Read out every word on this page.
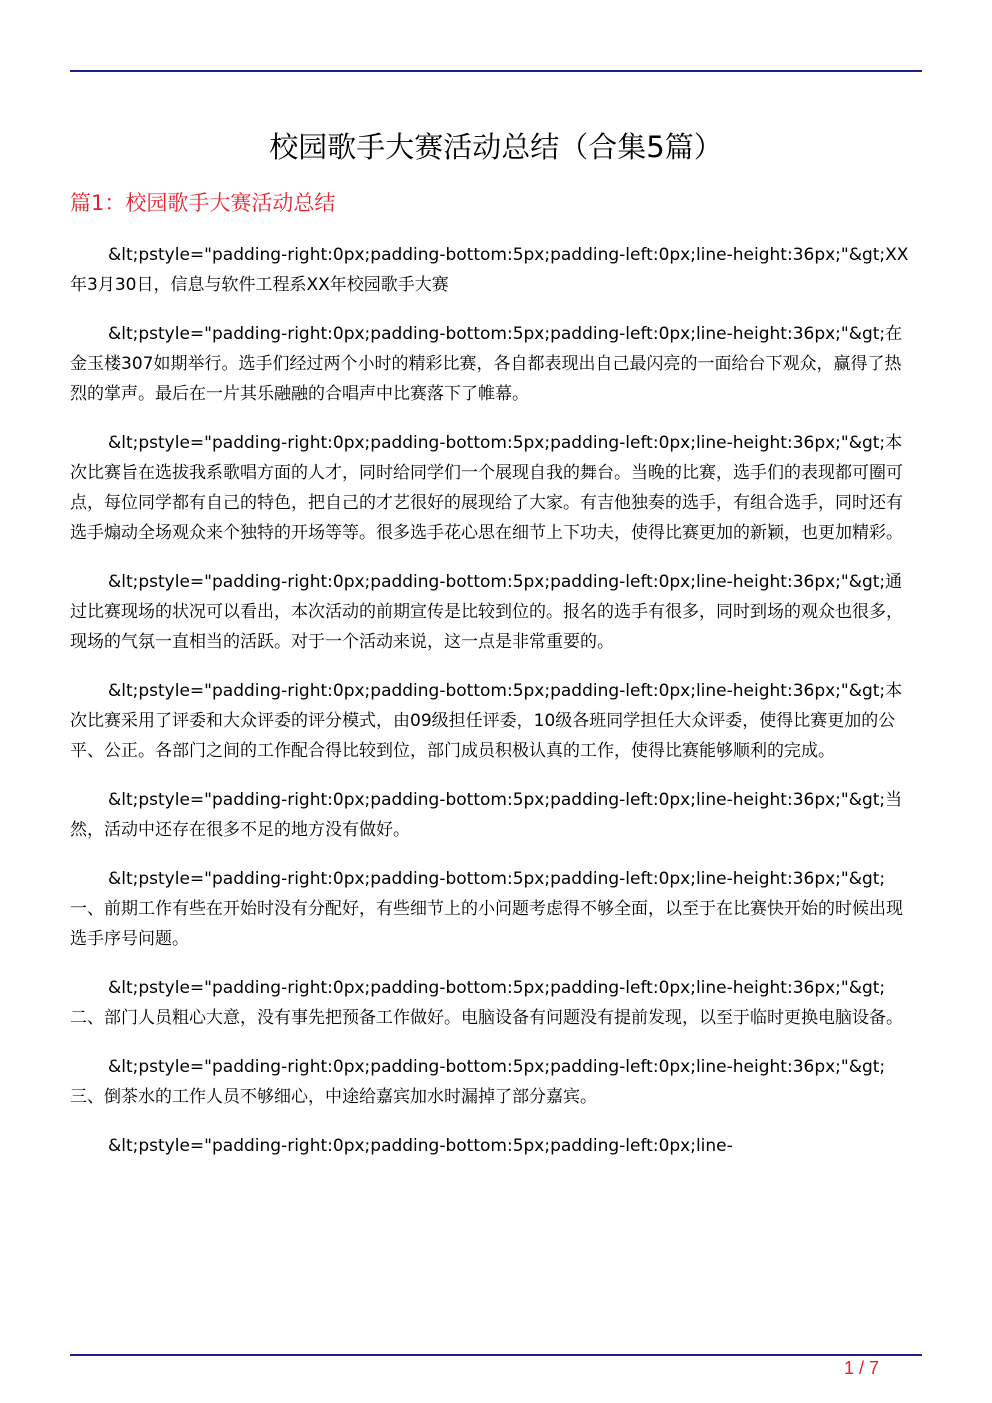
校园歌手大赛活动总结（合集5篇）
篇1：校园歌手大赛活动总结

&lt;pstyle="padding-right:0px;padding-bottom:5px;padding-left:0px;line-height:36px;"&gt;XX年3月30日，信息与软件工程系XX年校园歌手大赛

&lt;pstyle="padding-right:0px;padding-bottom:5px;padding-left:0px;line-height:36px;"&gt;在金玉楼307如期举行。选手们经过两个小时的精彩比赛，各自都表现出自己最闪亮的一面给台下观众，赢得了热烈的掌声。最后在一片其乐融融的合唱声中比赛落下了帷幕。

&lt;pstyle="padding-right:0px;padding-bottom:5px;padding-left:0px;line-height:36px;"&gt;本次比赛旨在选拔我系歌唱方面的人才，同时给同学们一个展现自我的舞台。当晚的比赛，选手们的表现都可圈可点，每位同学都有自己的特色，把自己的才艺很好的展现给了大家。有吉他独奏的选手，有组合选手，同时还有选手煽动全场观众来个独特的开场等等。很多选手花心思在细节上下功夫，使得比赛更加的新颖，也更加精彩。

&lt;pstyle="padding-right:0px;padding-bottom:5px;padding-left:0px;line-height:36px;"&gt;通过比赛现场的状况可以看出，本次活动的前期宣传是比较到位的。报名的选手有很多，同时到场的观众也很多，现场的气氛一直相当的活跃。对于一个活动来说，这一点是非常重要的。

&lt;pstyle="padding-right:0px;padding-bottom:5px;padding-left:0px;line-height:36px;"&gt;本次比赛采用了评委和大众评委的评分模式，由09级担任评委，10级各班同学担任大众评委，使得比赛更加的公平、公正。各部门之间的工作配合得比较到位，部门成员积极认真的工作，使得比赛能够顺利的完成。

&lt;pstyle="padding-right:0px;padding-bottom:5px;padding-left:0px;line-height:36px;"&gt;当然，活动中还存在很多不足的地方没有做好。

&lt;pstyle="padding-right:0px;padding-bottom:5px;padding-left:0px;line-height:36px;"&gt;一、前期工作有些在开始时没有分配好，有些细节上的小问题考虑得不够全面，以至于在比赛快开始的时候出现选手序号问题。

&lt;pstyle="padding-right:0px;padding-bottom:5px;padding-left:0px;line-height:36px;"&gt;二、部门人员粗心大意，没有事先把预备工作做好。电脑设备有问题没有提前发现，以至于临时更换电脑设备。

&lt;pstyle="padding-right:0px;padding-bottom:5px;padding-left:0px;line-height:36px;"&gt;三、倒茶水的工作人员不够细心，中途给嘉宾加水时漏掉了部分嘉宾。

&lt;pstyle="padding-right:0px;padding-bottom:5px;padding-left:0px;line-

1 / 7
